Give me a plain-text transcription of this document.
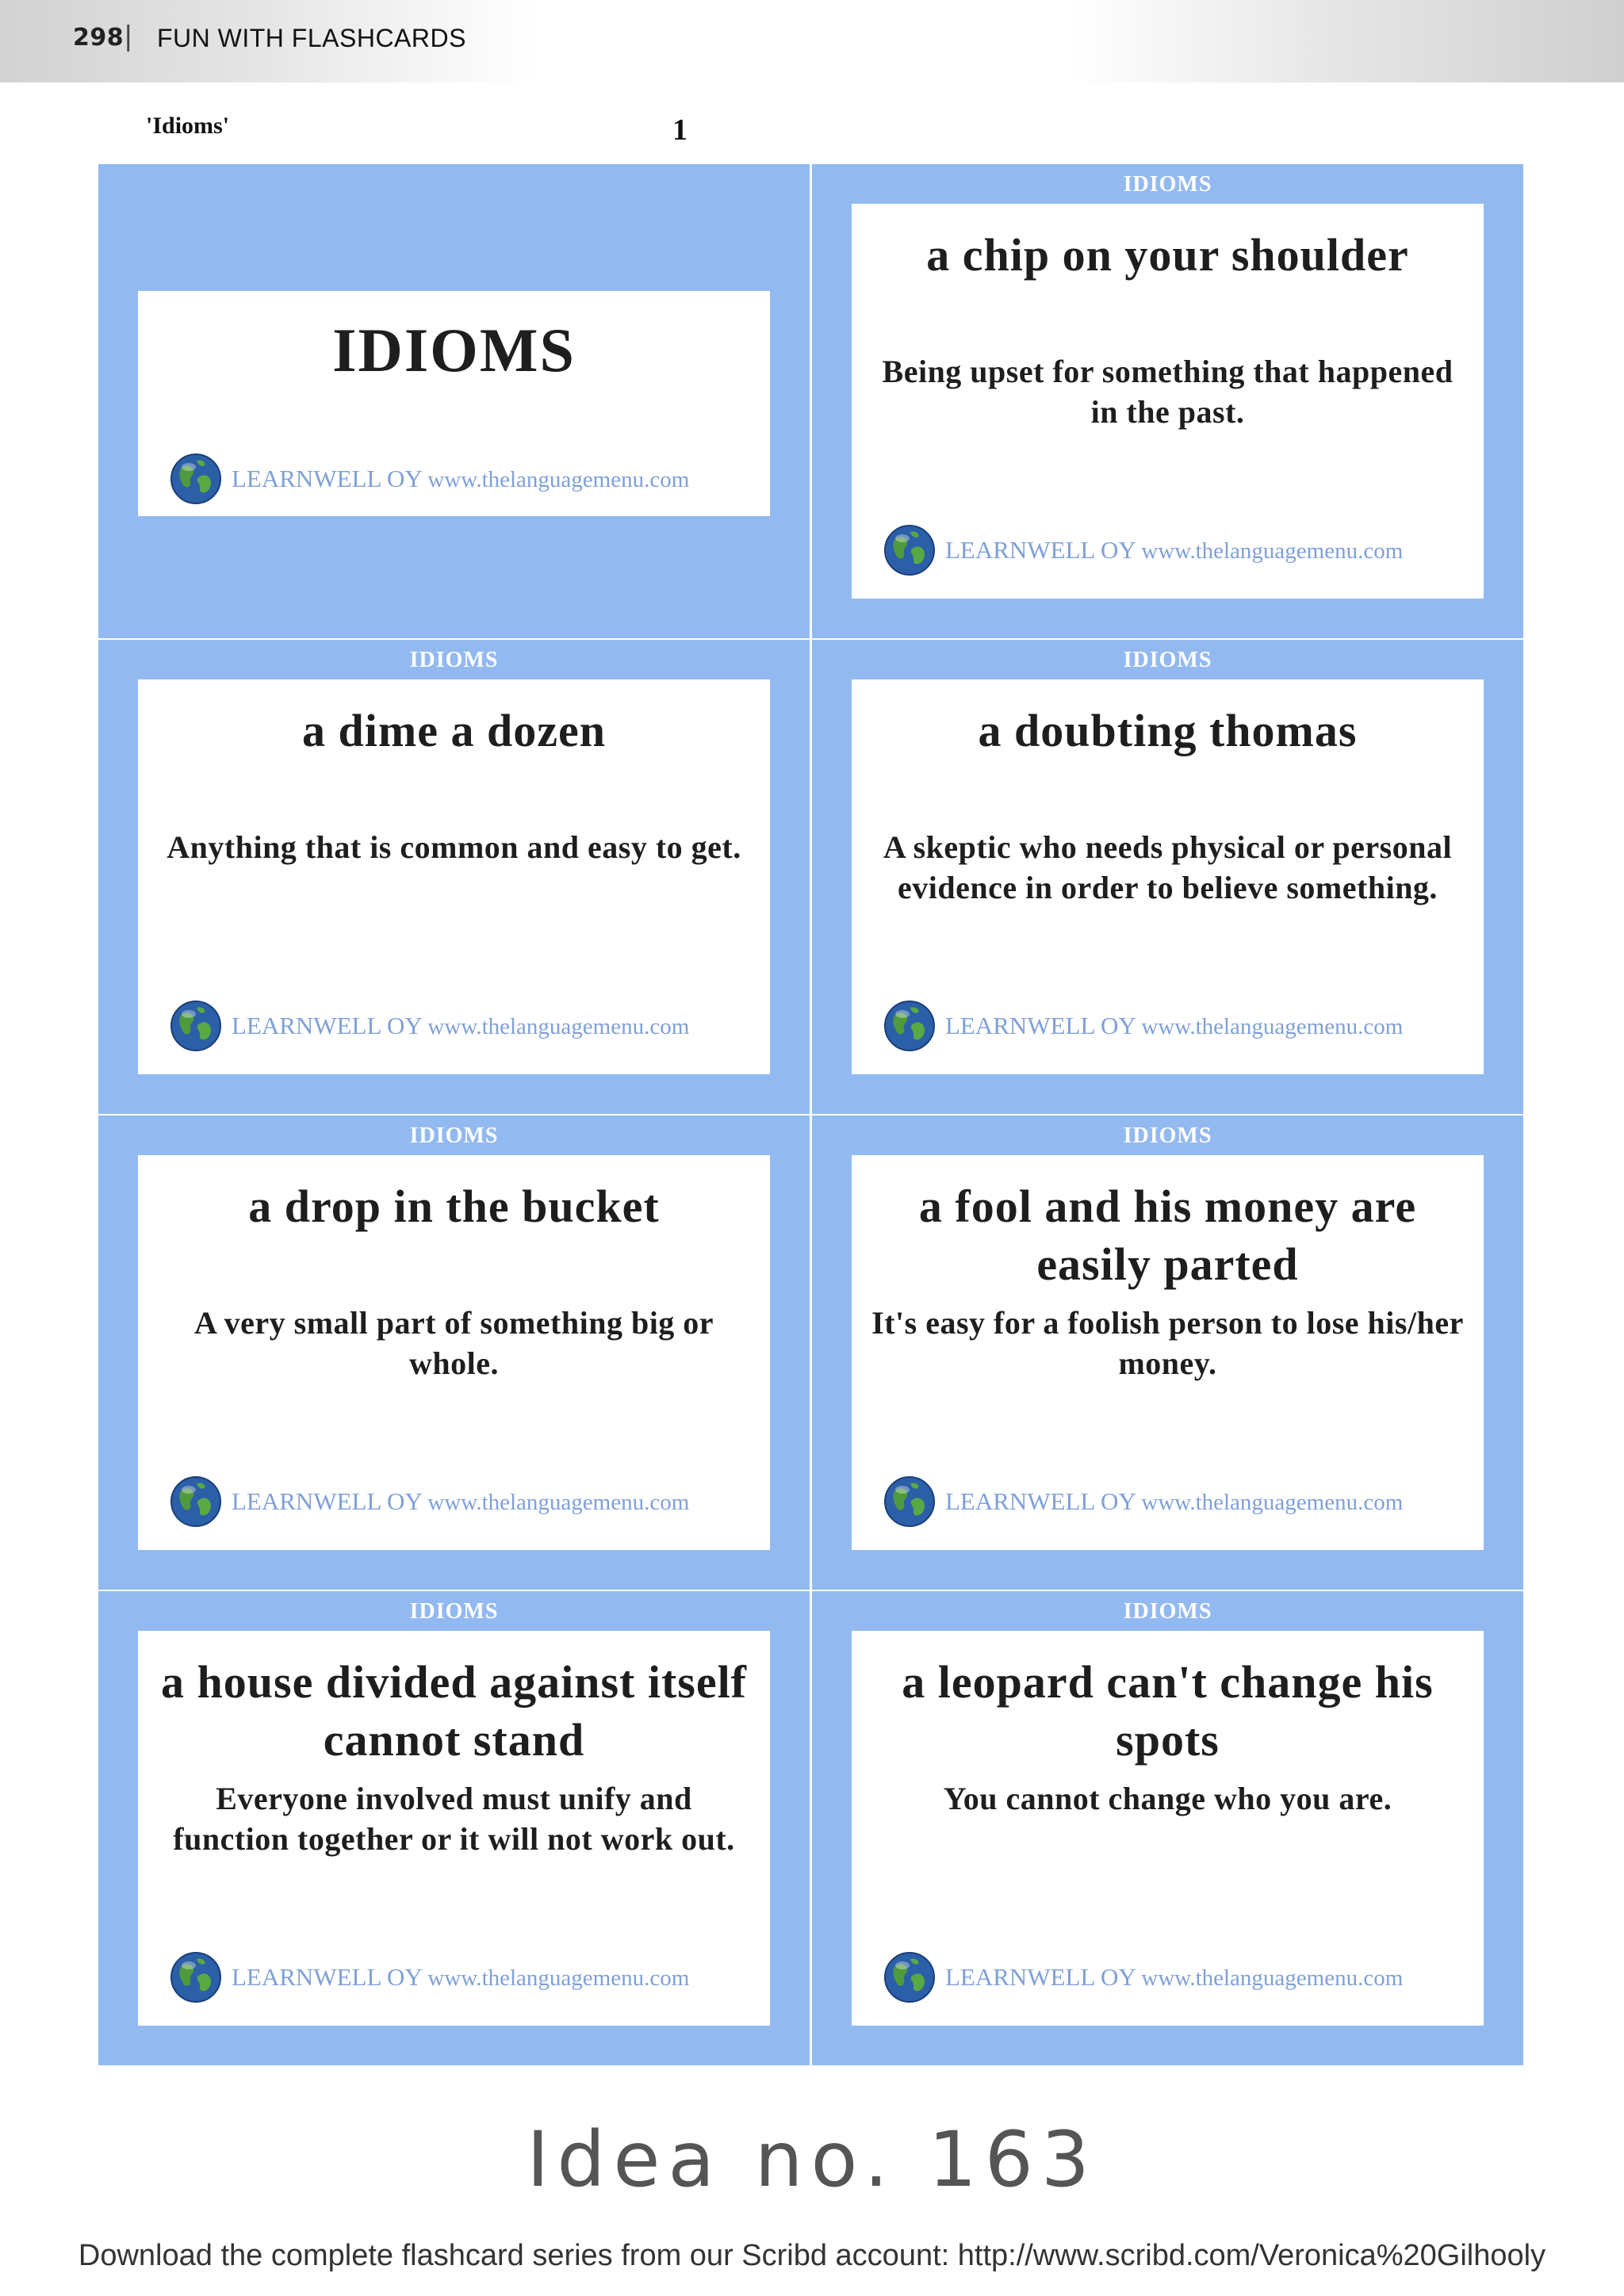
298 | FUN WITH FLASHCARDS
'Idioms'	1
IDIOMS
LEARNWELL OY www.thelanguagemenu.com
IDIOMS
a chip on your shoulder
Being upset for something that happened in the past.
LEARNWELL OY www.thelanguagemenu.com
IDIOMS
a dime a dozen
Anything that is common and easy to get.
LEARNWELL OY www.thelanguagemenu.com
IDIOMS
a doubting thomas
A skeptic who needs physical or personal evidence in order to believe something.
LEARNWELL OY www.thelanguagemenu.com
IDIOMS
a drop in the bucket
A very small part of something big or whole.
LEARNWELL OY www.thelanguagemenu.com
IDIOMS
a fool and his money are easily parted
It's easy for a foolish person to lose his/her money.
LEARNWELL OY www.thelanguagemenu.com
IDIOMS
a house divided against itself cannot stand
Everyone involved must unify and function together or it will not work out.
LEARNWELL OY www.thelanguagemenu.com
IDIOMS
a leopard can't change his spots
You cannot change who you are.
LEARNWELL OY www.thelanguagemenu.com
Idea no. 163
Download the complete flashcard series from our Scribd account: http://www.scribd.com/Veronica%20Gilhooly
